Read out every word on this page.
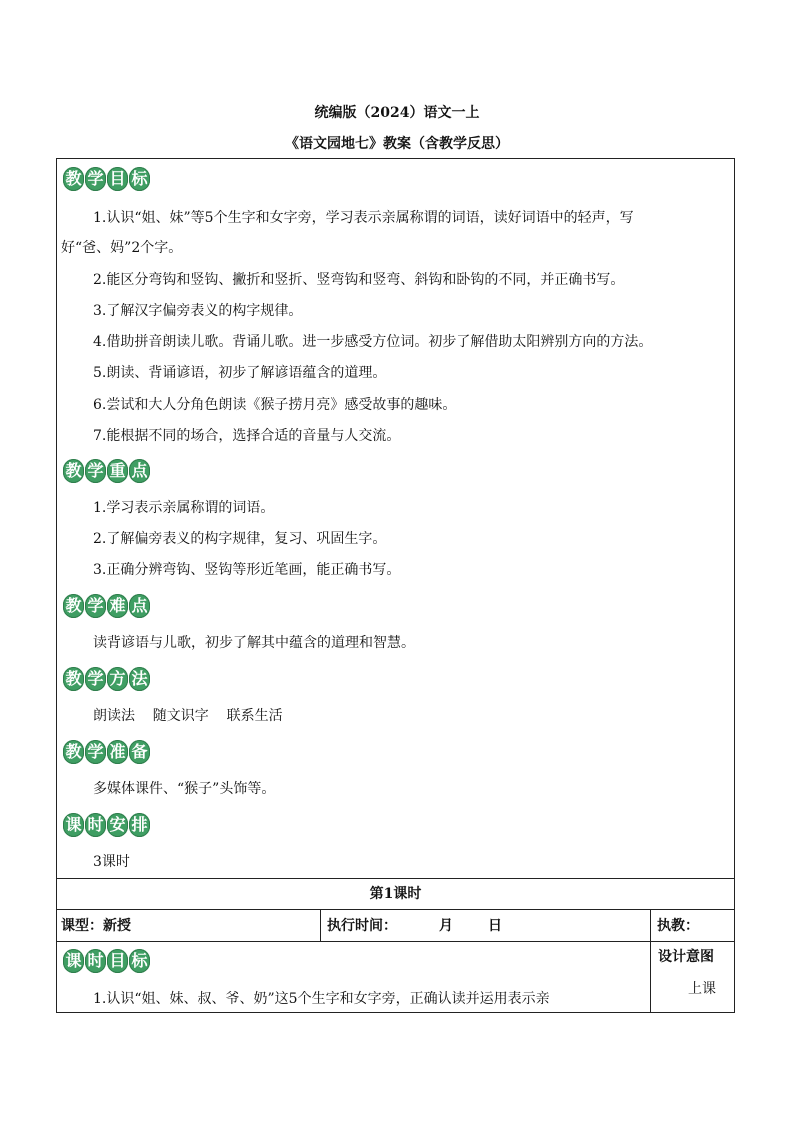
统编版（2024）语文一上
《语文园地七》教案（含教学反思）
教 学 目 标
1.认识“姐、妹”等5个生字和女字旁，学习表示亲属称谓的词语，读好词语中的轻声，写
好“爸、妈”2个字。
2.能区分弯钩和竖钩、撇折和竖折、竖弯钩和竖弯、斜钩和卧钩的不同，并正确书写。
3.了解汉字偏旁表义的构字规律。
4.借助拼音朗读儿歌。背诵儿歌。进一步感受方位词。初步了解借助太阳辨别方向的方法。
5.朗读、背诵谚语，初步了解谚语蕴含的道理。
6.尝试和大人分角色朗读《猴子捞月亮》感受故事的趣味。
7.能根据不同的场合，选择合适的音量与人交流。
教 学 重 点
1.学习表示亲属称谓的词语。
2.了解偏旁表义的构字规律，复习、巩固生字。
3.正确分辨弯钩、竖钩等形近笔画，能正确书写。
教 学 难 点
读背谚语与儿歌，初步了解其中蕴含的道理和智慧。
教 学 方 法
朗读法    随文识字    联系生活
教 学 准 备
多媒体课件、“猴子”头饰等。
课 时 安 排
3课时
第1课时
课型：新授	执行时间：	月	日	执教：
课 时 目 标
1.认识“姐、妹、叔、爷、奶”这5个生字和女字旁，正确认读并运用表示亲
设计意图
上课
